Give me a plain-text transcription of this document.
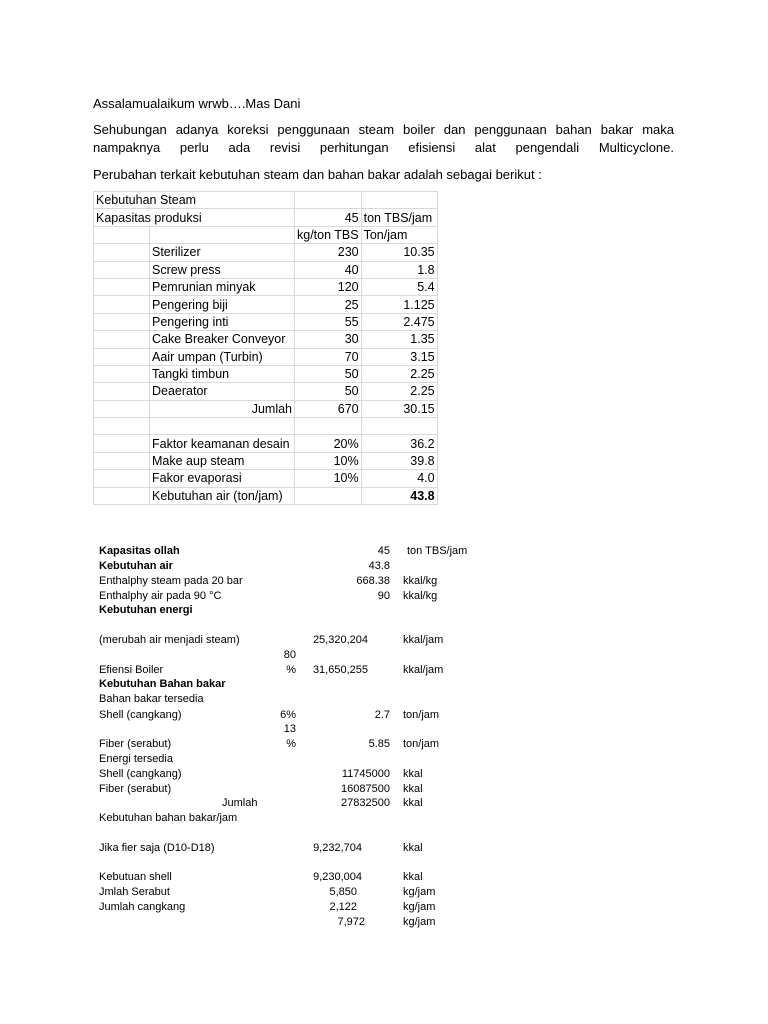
Assalamualaikum wrwb….Mas Dani

Sehubungan adanya koreksi penggunaan steam boiler dan penggunaan bahan bakar maka nampaknya perlu ada revisi perhitungan efisiensi alat pengendali Multicyclone.

Perubahan terkait kebutuhan steam dan bahan bakar adalah sebagai berikut :

Kebutuhan Steam			
Kapasitas produksi		45	ton TBS/jam
		kg/ton TBS	Ton/jam
	Sterilizer	230	10.35
	Screw press	40	1.8
	Pemrunian minyak	120	5.4
	Pengering biji	25	1.125
	Pengering inti	55	2.475
	Cake Breaker Conveyor	30	1.35
	Aair umpan (Turbin)	70	3.15
	Tangki timbun	50	2.25
	Deaerator	50	2.25
	Jumlah	670	30.15

	Faktor keamanan desain	20%	36.2
	Make aup steam	10%	39.8
	Fakor evaporasi	10%	4.0
	Kebutuhan air (ton/jam)		43.8
Kapasitas ollah	45 ton TBS/jam
Kebutuhan air	43.8
Enthalphy steam pada 20 bar	668.38 kkal/kg
Enthalphy air pada 90 °C	90 kkal/kg
Kebutuhan energi
(merubah air menjadi steam)	25,320,204	kkal/jam
80
Efiensi Boiler	%	31,650,255	kkal/jam
Kebutuhan Bahan bakar
Bahan bakar tersedia
Shell (cangkang)	6%	2.7 ton/jam
13
Fiber (serabut)	%	5.85 ton/jam
Energi tersedia
Shell (cangkang)	11745000 kkal
Fiber (serabut)	16087500 kkal
Jumlah	27832500 kkal
Kebutuhan bahan bakar/jam
Jika fier saja (D10-D18)	9,232,704	kkal
Kebutuan shell	9,230,004	kkal
Jmlah Serabut	5,850	kg/jam
Jumlah cangkang	2,122	kg/jam
7,972	kg/jam
